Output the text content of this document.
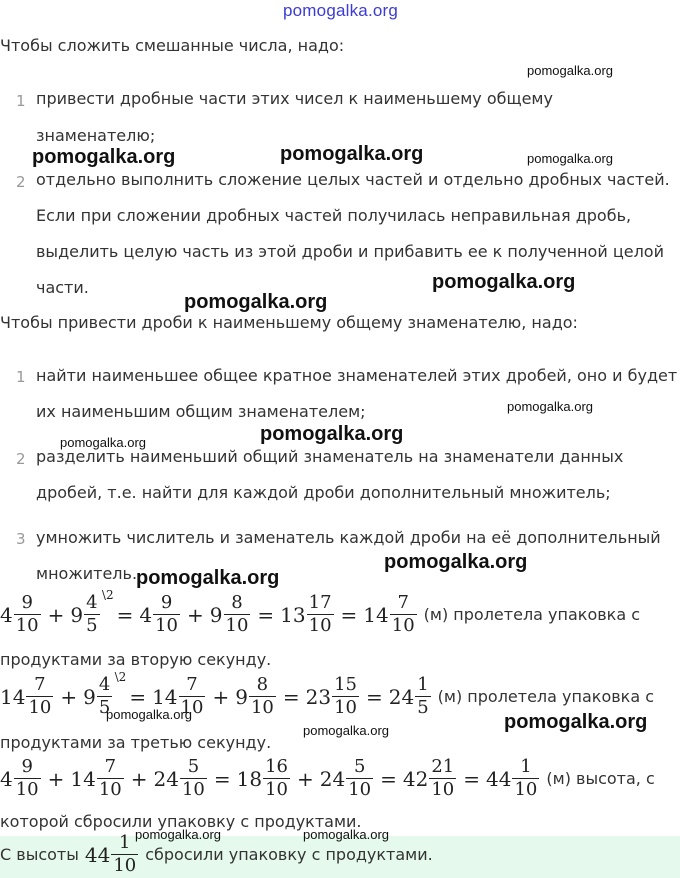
pomogalka.org
Чтобы сложить смешанные числа, надо:
1 привести дробные части этих чисел к наименьшему общему
знаменателю;
2 отдельно выполнить сложение целых частей и отдельно дробных частей.
Если при сложении дробных частей получилась неправильная дробь,
выделить целую часть из этой дроби и прибавить ее к полученной целой
части.
Чтобы привести дроби к наименьшему общему знаменателю, надо:
1 найти наименьшее общее кратное знаменателей этих дробей, оно и будет
их наименьшим общим знаменателем;
2 разделить наименьший общий знаменатель на знаменатели данных
дробей, т.е. найти для каждой дроби дополнительный множитель;
3 умножить числитель и заменатель каждой дроби на её дополнительный
множитель.
$4 \frac{9}{10} + 9$ 4
5
\2
= $4 \frac{9}{10} + 9 \frac{8}{10} = 13 \frac{17}{10} = 14 \frac{7}{10} (м)$ пролетела упаковка с
продуктами за вторую секунду.
$14 \frac{7}{10} + 9$ 4
5
\2
= $14 \frac{7}{10} + 9 \frac{8}{10} = 23 \frac{15}{10} = 24 \frac{1}{5} (м)$ пролетела упаковка с
продуктами за третью секунду.
$4 \frac{9}{10} + 14 \frac{7}{10} + 24 \frac{5}{10} = 18 \frac{16}{10} + 24 \frac{5}{10} = 42 \frac{21}{10} = 44 \frac{1}{10} (м)$ высота, с
которой сбросили упаковку с продуктами.
С высоты $44 \frac{1}{10}$ сбросили упаковку с продуктами.
pomogalka.org
pomogalka.org	pomogalka.org	pomogalka.org
pomogalka.org
pomogalka.org
pomogalka.org
pomogalka.org
pomogalka.org
pomogalka.org
pomogalka.org
pomogalka.org	pomogalka.org
pomogalka.org
pomogalka.org	pomogalka.org
